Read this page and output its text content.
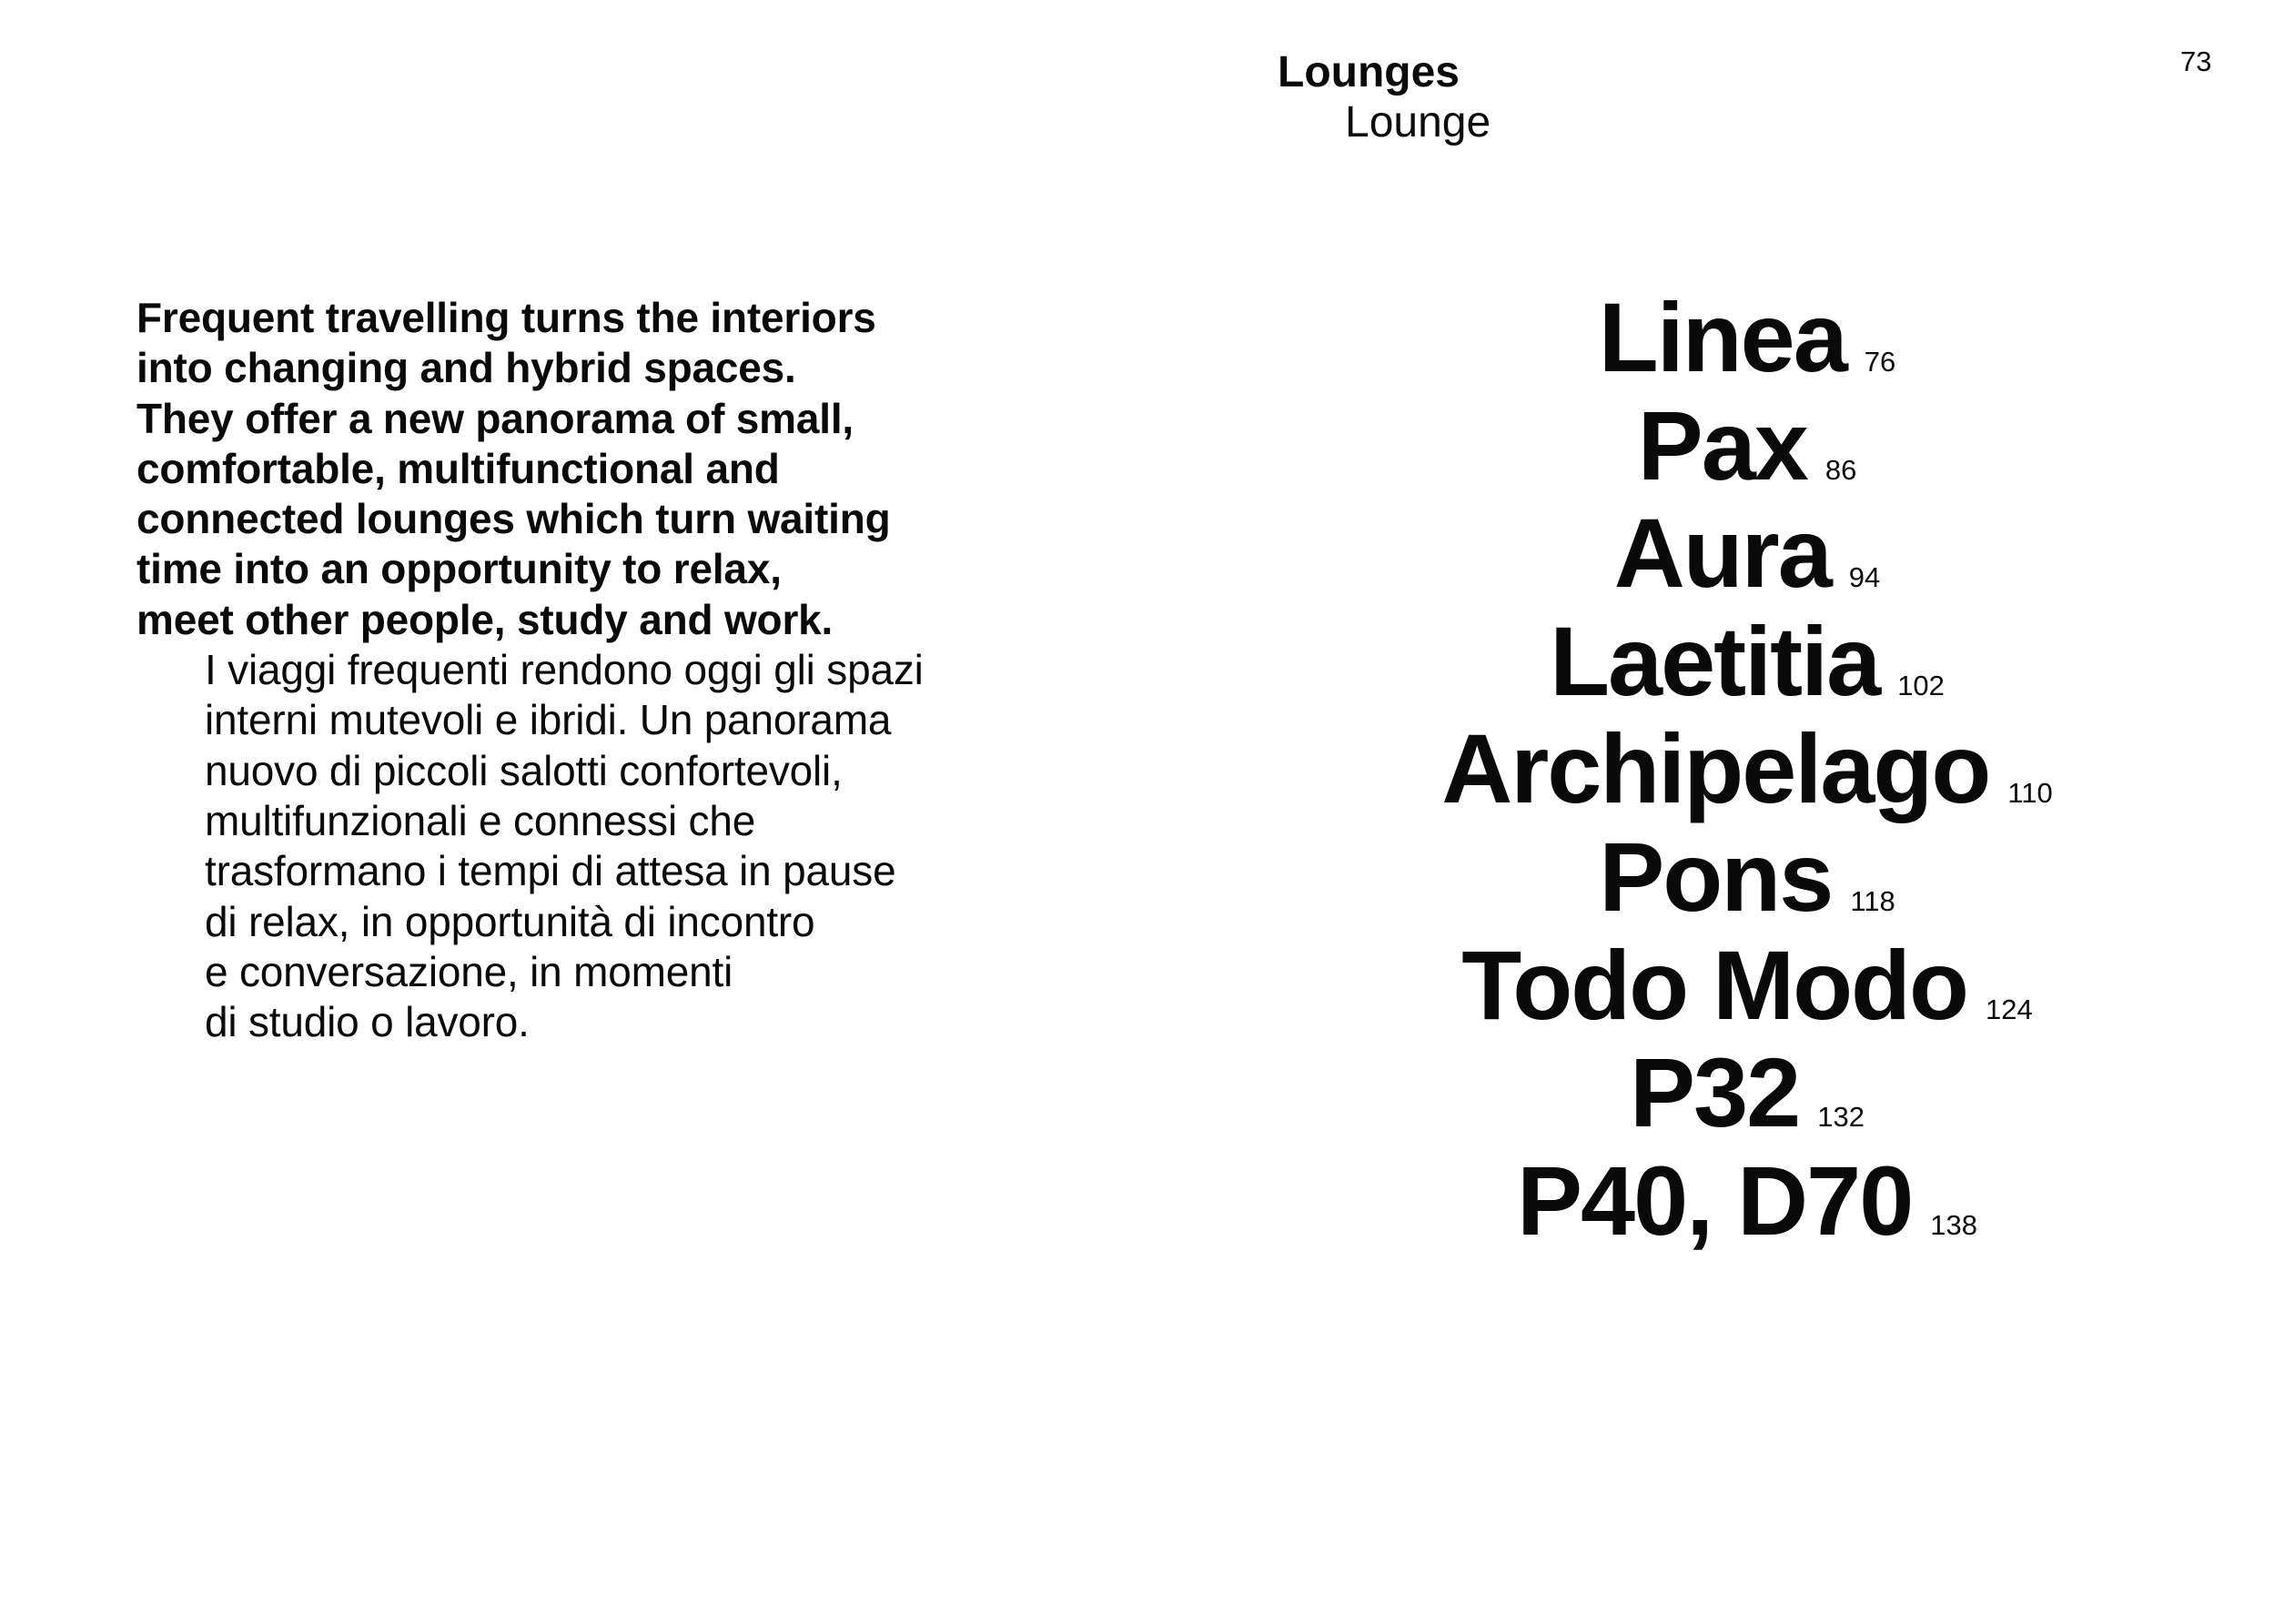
73
Lounges
Lounge
Frequent travelling turns the interiors
into changing and hybrid spaces.
They offer a new panorama of small,
comfortable, multifunctional and
connected lounges which turn waiting
time into an opportunity to relax,
meet other people, study and work.
I viaggi frequenti rendono oggi gli spazi
interni mutevoli e ibridi. Un panorama
nuovo di piccoli salotti confortevoli,
multifunzionali e connessi che
trasformano i tempi di attesa in pause
di relax, in opportunità di incontro
e conversazione, in momenti
di studio o lavoro.
Linea 76
Pax 86
Aura 94
Laetitia 102
Archipelago 110
Pons 118
Todo Modo 124
P32 132
P40, D70 138
